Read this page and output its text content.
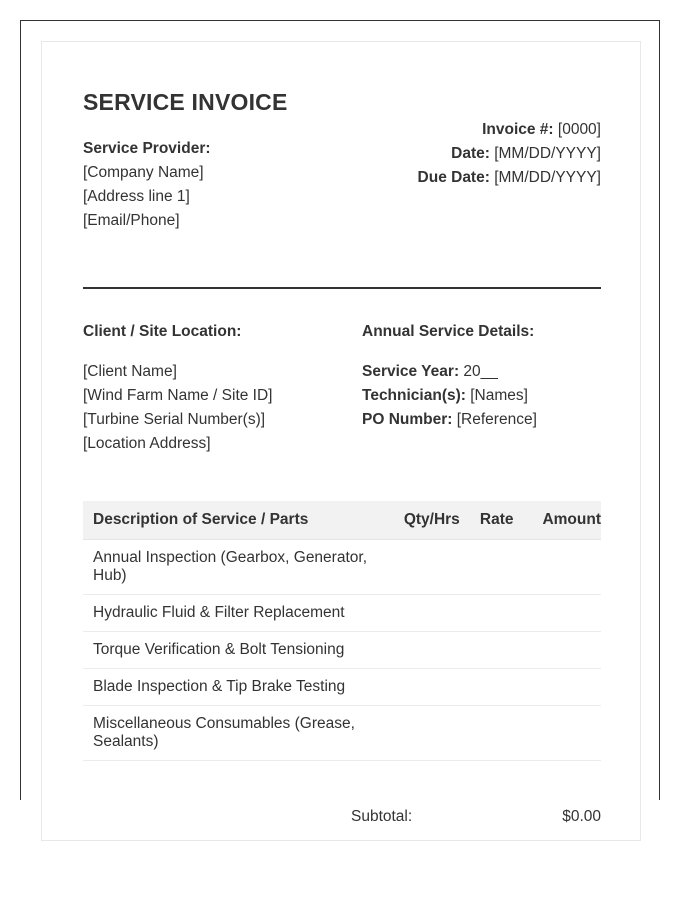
SERVICE INVOICE
Service Provider:
[Company Name]
[Address line 1]
[Email/Phone]
Invoice #: [0000]
Date: [MM/DD/YYYY]
Due Date: [MM/DD/YYYY]
Client / Site Location:
[Client Name]
[Wind Farm Name / Site ID]
[Turbine Serial Number(s)]
[Location Address]
Annual Service Details:
Service Year: 20__
Technician(s): [Names]
PO Number: [Reference]
Description of Service / Parts	Qty/Hrs	Rate	Amount
Annual Inspection (Gearbox, Generator, Hub)			
Hydraulic Fluid & Filter Replacement			
Torque Verification & Bolt Tensioning			
Blade Inspection & Tip Brake Testing			
Miscellaneous Consumables (Grease, Sealants)			
Subtotal:	$0.00
